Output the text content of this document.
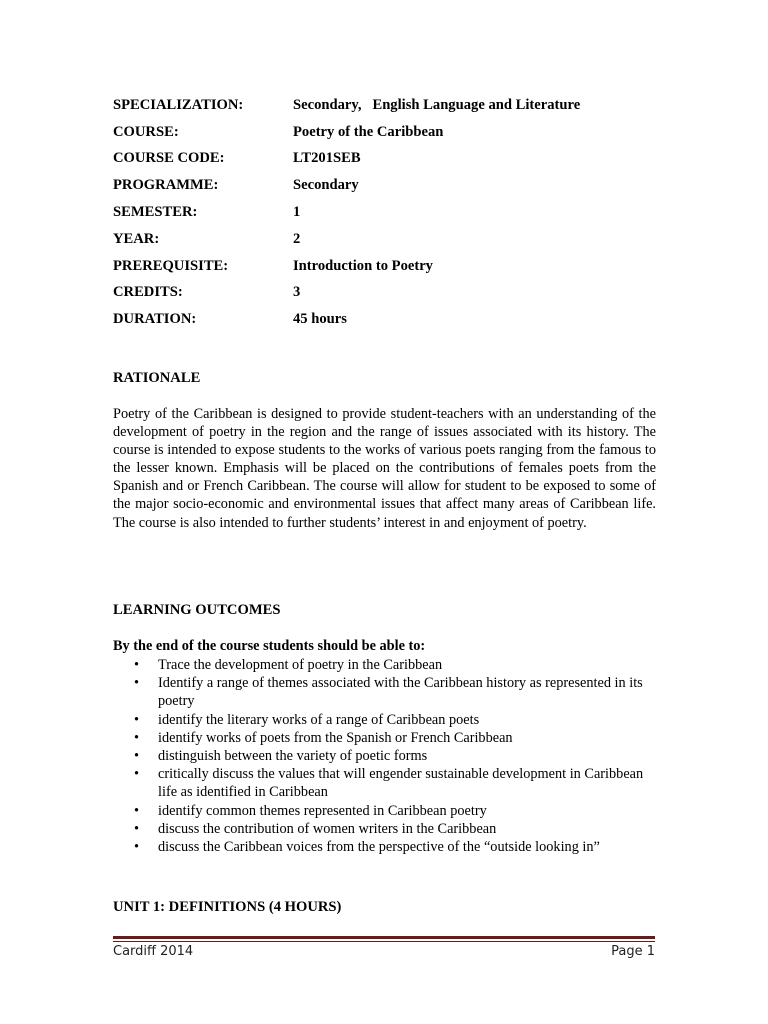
SPECIALIZATION:	Secondary,   English Language and Literature
COURSE:	Poetry of the Caribbean
COURSE CODE:	LT201SEB
PROGRAMME:	Secondary
SEMESTER:	1
YEAR:	2
PREREQUISITE:	Introduction to Poetry
CREDITS:	3
DURATION:	45 hours
RATIONALE
Poetry of the Caribbean is designed to provide student-teachers with an understanding of the development of poetry in the region and the range of issues associated with its history. The course is intended to expose students to the works of various poets ranging from the famous to the lesser known. Emphasis will be placed on the contributions of females poets from the Spanish and or French Caribbean. The course will allow for student to be exposed to some of the major socio-economic and environmental issues that affect many areas of Caribbean life. The course is also intended to further students’ interest in and enjoyment of poetry.
LEARNING OUTCOMES
By the end of the course students should be able to:
• Trace the development of poetry in the Caribbean
• Identify a range of themes associated with the Caribbean history as represented in its poetry
• identify the literary works of a range of Caribbean poets
• identify works of poets from the Spanish or French Caribbean
• distinguish between the variety of poetic forms
• critically discuss the values that will engender sustainable development in Caribbean life as identified in Caribbean
• identify common themes represented in Caribbean poetry
• discuss the contribution of women writers in the Caribbean
• discuss the Caribbean voices from the perspective of the “outside looking in”
UNIT 1: DEFINITIONS (4 HOURS)
Cardiff 2014	Page 1
